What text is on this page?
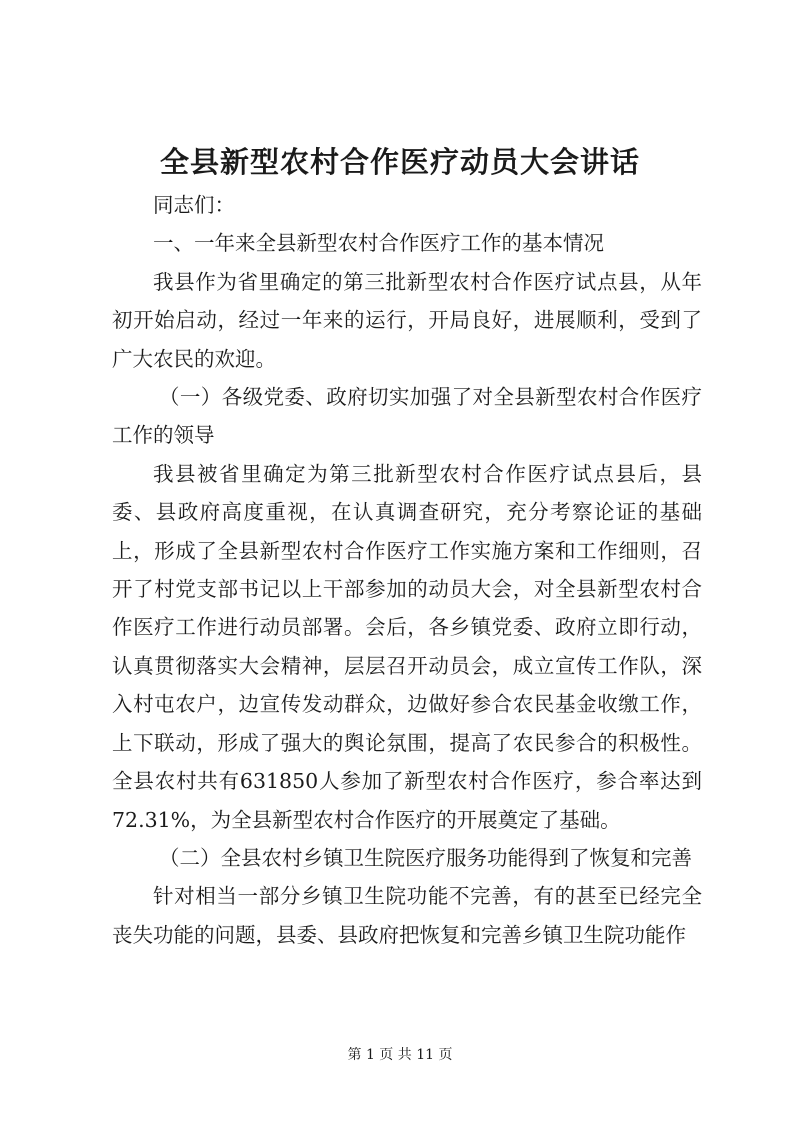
全县新型农村合作医疗动员大会讲话

同志们：

一、一年来全县新型农村合作医疗工作的基本情况

我县作为省里确定的第三批新型农村合作医疗试点县，从年初开始启动，经过一年来的运行，开局良好，进展顺利，受到了广大农民的欢迎。

（一）各级党委、政府切实加强了对全县新型农村合作医疗工作的领导

我县被省里确定为第三批新型农村合作医疗试点县后，县委、县政府高度重视，在认真调查研究，充分考察论证的基础上，形成了全县新型农村合作医疗工作实施方案和工作细则，召开了村党支部书记以上干部参加的动员大会，对全县新型农村合作医疗工作进行动员部署。会后，各乡镇党委、政府立即行动，认真贯彻落实大会精神，层层召开动员会，成立宣传工作队，深入村屯农户，边宣传发动群众，边做好参合农民基金收缴工作，上下联动，形成了强大的舆论氛围，提高了农民参合的积极性。全县农村共有631850人参加了新型农村合作医疗，参合率达到72.31%，为全县新型农村合作医疗的开展奠定了基础。

（二）全县农村乡镇卫生院医疗服务功能得到了恢复和完善

针对相当一部分乡镇卫生院功能不完善，有的甚至已经完全丧失功能的问题，县委、县政府把恢复和完善乡镇卫生院功能作

第 1 页 共 11 页
